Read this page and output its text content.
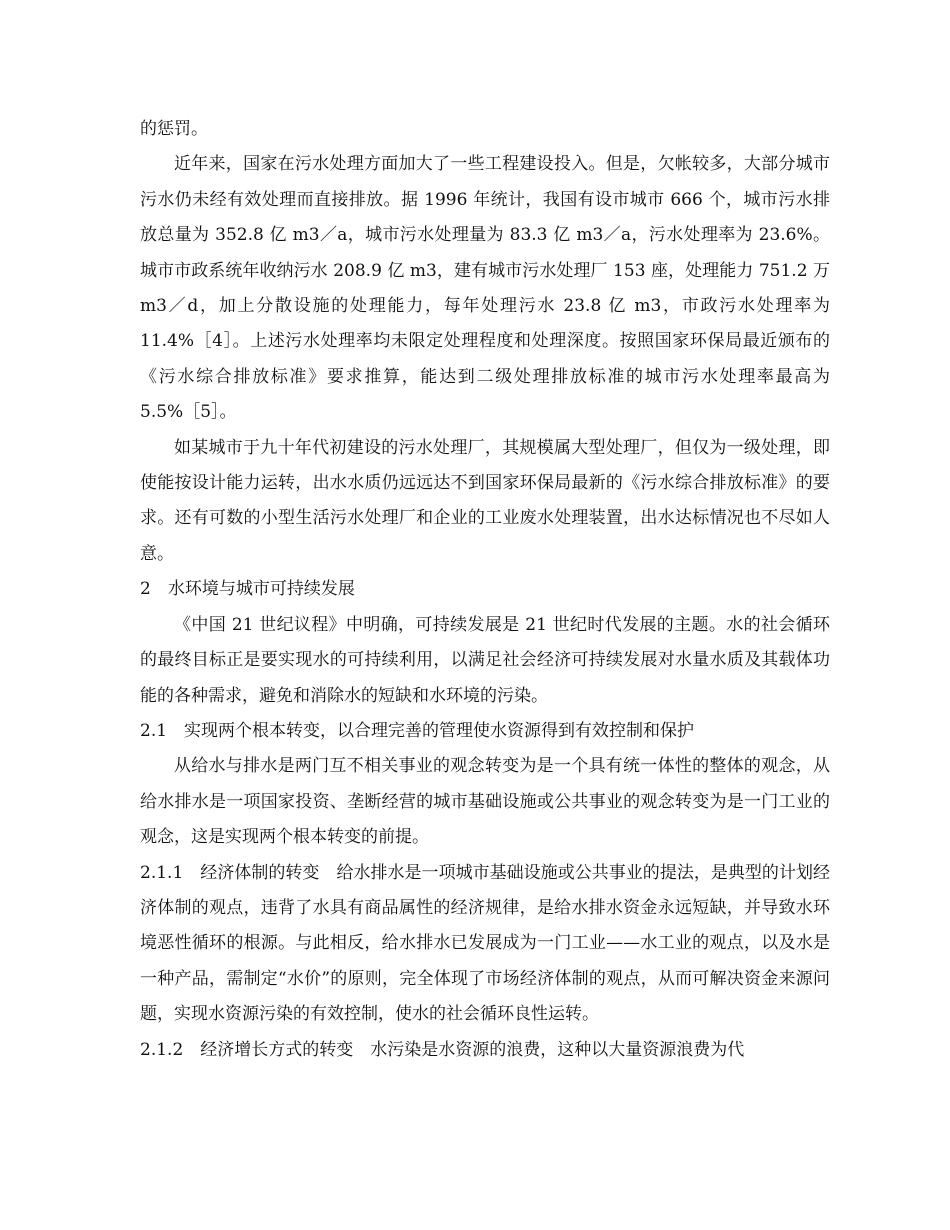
的惩罚。

近年来，国家在污水处理方面加大了一些工程建设投入。但是，欠帐较多，大部分城市污水仍未经有效处理而直接排放。据 1996 年统计，我国有设市城市 666 个，城市污水排放总量为 352.8 亿 m3／a，城市污水处理量为 83.3 亿 m3／a，污水处理率为 23.6%。城市市政系统年收纳污水 208.9 亿 m3，建有城市污水处理厂 153 座，处理能力 751.2 万 m3／d，加上分散设施的处理能力，每年处理污水 23.8 亿 m3，市政污水处理率为 11.4%［4］。上述污水处理率均未限定处理程度和处理深度。按照国家环保局最近颁布的《污水综合排放标准》要求推算，能达到二级处理排放标准的城市污水处理率最高为 5.5%［5］。

如某城市于九十年代初建设的污水处理厂，其规模属大型处理厂，但仅为一级处理，即使能按设计能力运转，出水水质仍远远达不到国家环保局最新的《污水综合排放标准》的要求。还有可数的小型生活污水处理厂和企业的工业废水处理装置，出水达标情况也不尽如人意。

2　水环境与城市可持续发展

《中国 21 世纪议程》中明确，可持续发展是 21 世纪时代发展的主题。水的社会循环的最终目标正是要实现水的可持续利用，以满足社会经济可持续发展对水量水质及其载体功能的各种需求，避免和消除水的短缺和水环境的污染。

2.1　实现两个根本转变，以合理完善的管理使水资源得到有效控制和保护

从给水与排水是两门互不相关事业的观念转变为是一个具有统一体性的整体的观念，从给水排水是一项国家投资、垄断经营的城市基础设施或公共事业的观念转变为是一门工业的观念，这是实现两个根本转变的前提。

2.1.1　经济体制的转变　给水排水是一项城市基础设施或公共事业的提法，是典型的计划经济体制的观点，违背了水具有商品属性的经济规律，是给水排水资金永远短缺，并导致水环境恶性循环的根源。与此相反，给水排水已发展成为一门工业——水工业的观点，以及水是一种产品，需制定“水价”的原则，完全体现了市场经济体制的观点，从而可解决资金来源问题，实现水资源污染的有效控制，使水的社会循环良性运转。

2.1.2　经济增长方式的转变　水污染是水资源的浪费，这种以大量资源浪费为代
